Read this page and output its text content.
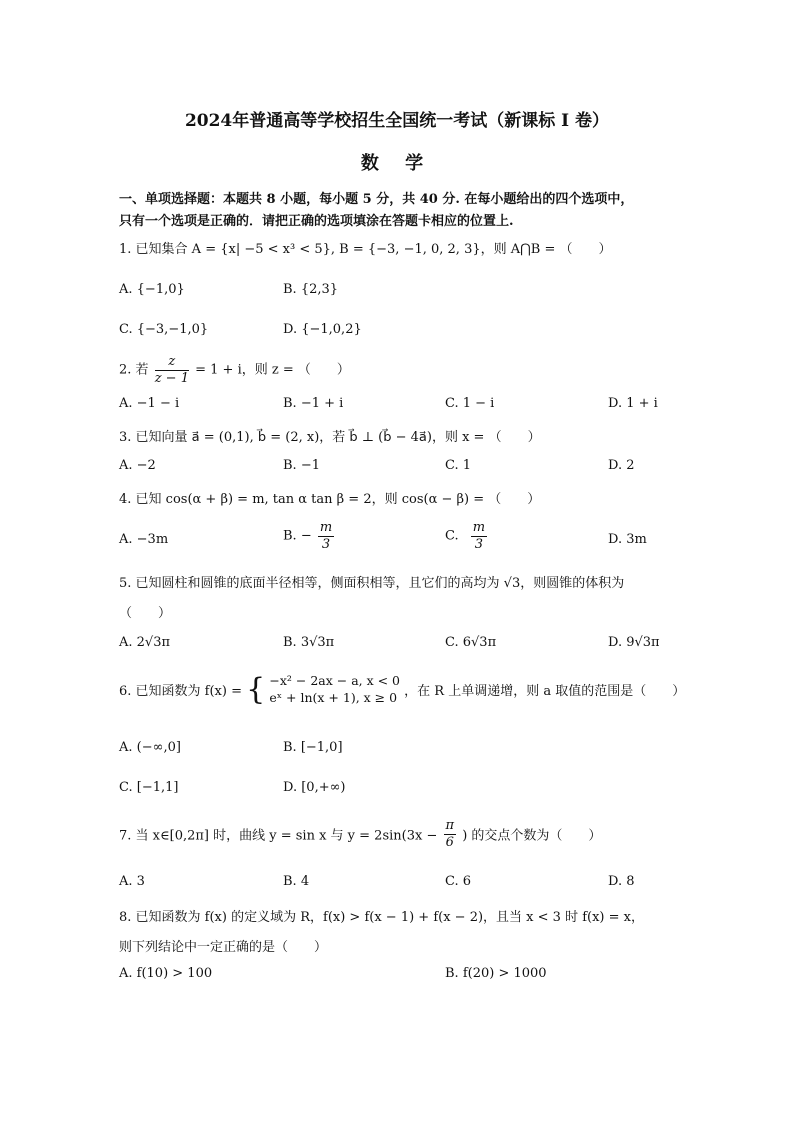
2024年普通高等学校招生全国统一考试（新课标 I 卷）
数 学
一、单项选择题：本题共 8 小题，每小题 5 分，共 40 分. 在每小题给出的四个选项中，
只有一个选项是正确的．请把正确的选项填涂在答题卡相应的位置上.
1. 已知集合 A = {x| −5 < x³ < 5}, B = {−3, −1, 0, 2, 3}，则 A⋂B = （　　）
A. {−1,0}	B. {2,3}
C. {−3,−1,0}	D. {−1,0,2}
2. 若 $\frac{z}{z - 1} = 1 + i$，则 z = （　　）
A. −1 − i	B. −1 + i	C. 1 − i	D. 1 + i
3. 已知向量 a⃗ = (0,1), b⃗ = (2, x)，若 b⃗ ⊥ (b⃗ − 4a⃗)，则 x = （　　）
A. −2	B. −1	C. 1	D. 2
4. 已知 cos(α + β) = m, tan α tan β = 2，则 cos(α − β) = （　　）
A. −3m	B. − $\frac{m}{3}$	C. $\frac{m}{3}$	D. 3m
5. 已知圆柱和圆锥的底面半径相等，侧面积相等，且它们的高均为 √3，则圆锥的体积为
（　　）
A. 2√3π	B. 3√3π	C. 6√3π	D. 9√3π
6. 已知函数为 f(x) = { −x² − 2ax − a, x < 0
eˣ + ln(x + 1), x ≥ 0 ，在 R 上单调递增，则 a 取值的范围是（　　）
A. (−∞,0]	B. [−1,0]
C. [−1,1]	D. [0,+∞)
7. 当 x∈[0,2π] 时，曲线 y = sin x 与 $y = 2\sin(3x - \frac{\pi}{6}$ ) 的交点个数为（　　）
A. 3	B. 4	C. 6	D. 8
8. 已知函数为 f(x) 的定义域为 R，f(x) > f(x − 1) + f(x − 2)，且当 x < 3 时 f(x) = x，
则下列结论中一定正确的是（　　）
A. f(10) > 100	B. f(20) > 1000
